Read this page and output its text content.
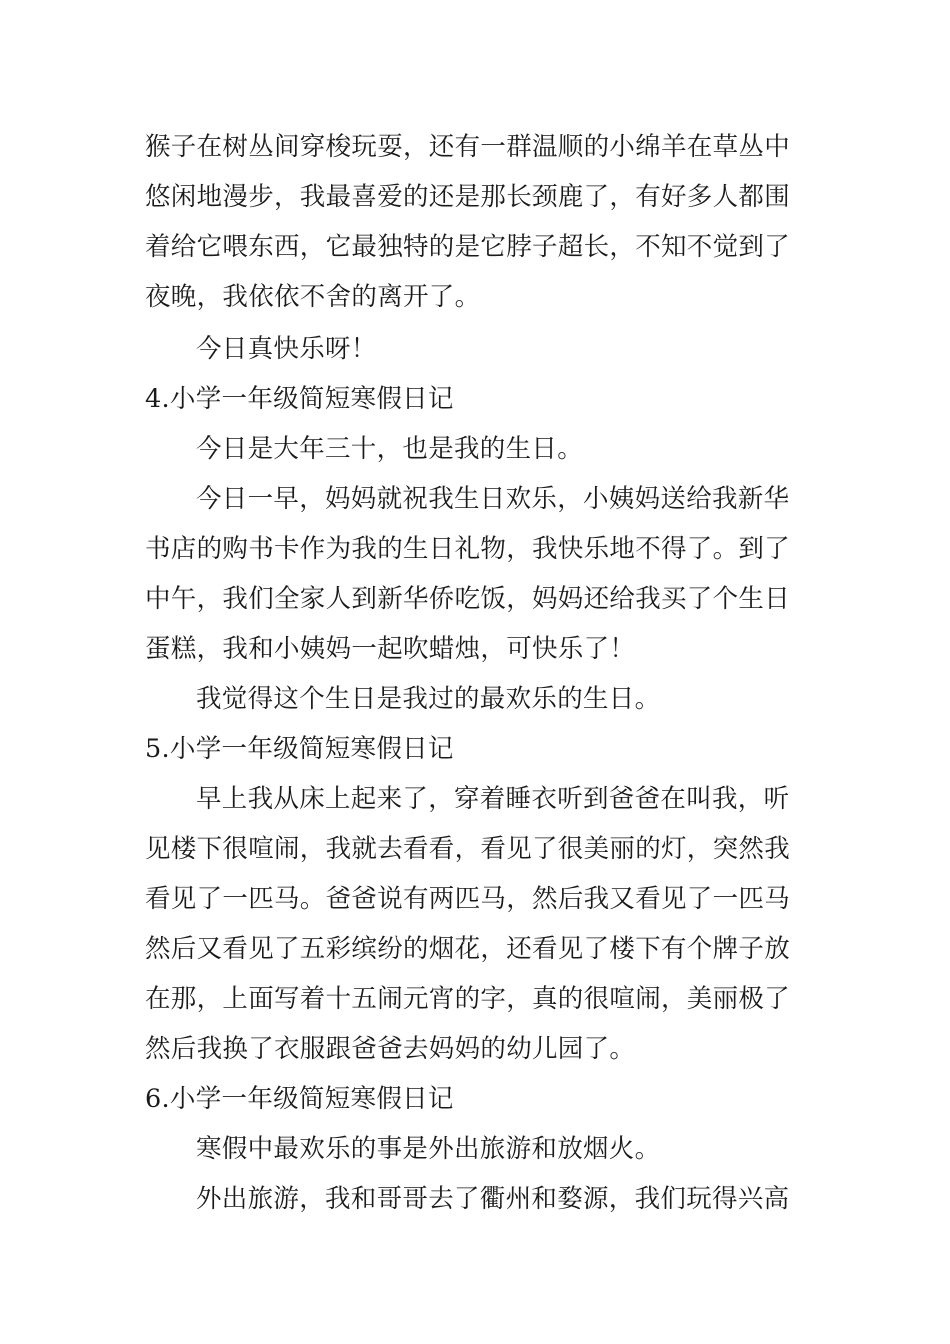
猴子在树丛间穿梭玩耍，还有一群温顺的小绵羊在草丛中
悠闲地漫步，我最喜爱的还是那长颈鹿了，有好多人都围
着给它喂东西，它最独特的是它脖子超长，不知不觉到了
夜晚，我依依不舍的离开了。
今日真快乐呀！
4.小学一年级简短寒假日记
今日是大年三十，也是我的生日。
今日一早，妈妈就祝我生日欢乐，小姨妈送给我新华
书店的购书卡作为我的生日礼物，我快乐地不得了。到了
中午，我们全家人到新华侨吃饭，妈妈还给我买了个生日
蛋糕，我和小姨妈一起吹蜡烛，可快乐了！
我觉得这个生日是我过的最欢乐的生日。
5.小学一年级简短寒假日记
早上我从床上起来了，穿着睡衣听到爸爸在叫我，听
见楼下很喧闹，我就去看看，看见了很美丽的灯，突然我
看见了一匹马。爸爸说有两匹马，然后我又看见了一匹马
然后又看见了五彩缤纷的烟花，还看见了楼下有个牌子放
在那，上面写着十五闹元宵的字，真的很喧闹，美丽极了
然后我换了衣服跟爸爸去妈妈的幼儿园了。
6.小学一年级简短寒假日记
寒假中最欢乐的事是外出旅游和放烟火。
外出旅游，我和哥哥去了衢州和婺源，我们玩得兴高
